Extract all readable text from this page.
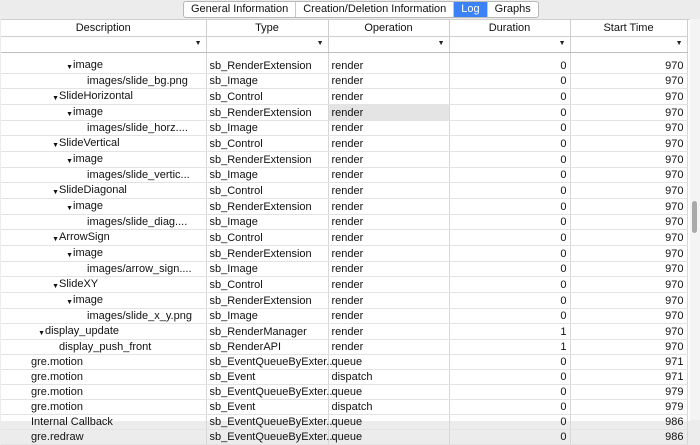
General Information	Creation/Deletion Information	Log	Graphs
Description	Type	Operation	Duration	Start Time

▼	▼	▼	▼	▼

▲image	sb_RenderExtension	render	0	970
images/slide_bg.png	sb_Image	render	0	970
▲SlideHorizontal	sb_Control	render	0	970
▲image	sb_RenderExtension	render	0	970
images/slide_horz....	sb_Image	render	0	970
▲SlideVertical	sb_Control	render	0	970
▲image	sb_RenderExtension	render	0	970
images/slide_vertic...	sb_Image	render	0	970
▲SlideDiagonal	sb_Control	render	0	970
▲image	sb_RenderExtension	render	0	970
images/slide_diag....	sb_Image	render	0	970
▲ArrowSign	sb_Control	render	0	970
▲image	sb_RenderExtension	render	0	970
images/arrow_sign....	sb_Image	render	0	970
▲SlideXY	sb_Control	render	0	970
▲image	sb_RenderExtension	render	0	970
images/slide_x_y.png	sb_Image	render	0	970
▲display_update	sb_RenderManager	render	1	970
display_push_front	sb_RenderAPI	render	1	970
gre.motion	sb_EventQueueByExter...	queue	0	971
gre.motion	sb_Event	dispatch	0	971
gre.motion	sb_EventQueueByExter...	queue	0	979
gre.motion	sb_Event	dispatch	0	979
Internal Callback	sb_EventQueueByExter...	queue	0	986
gre.redraw	sb_EventQueueByExter...	queue	0	986
